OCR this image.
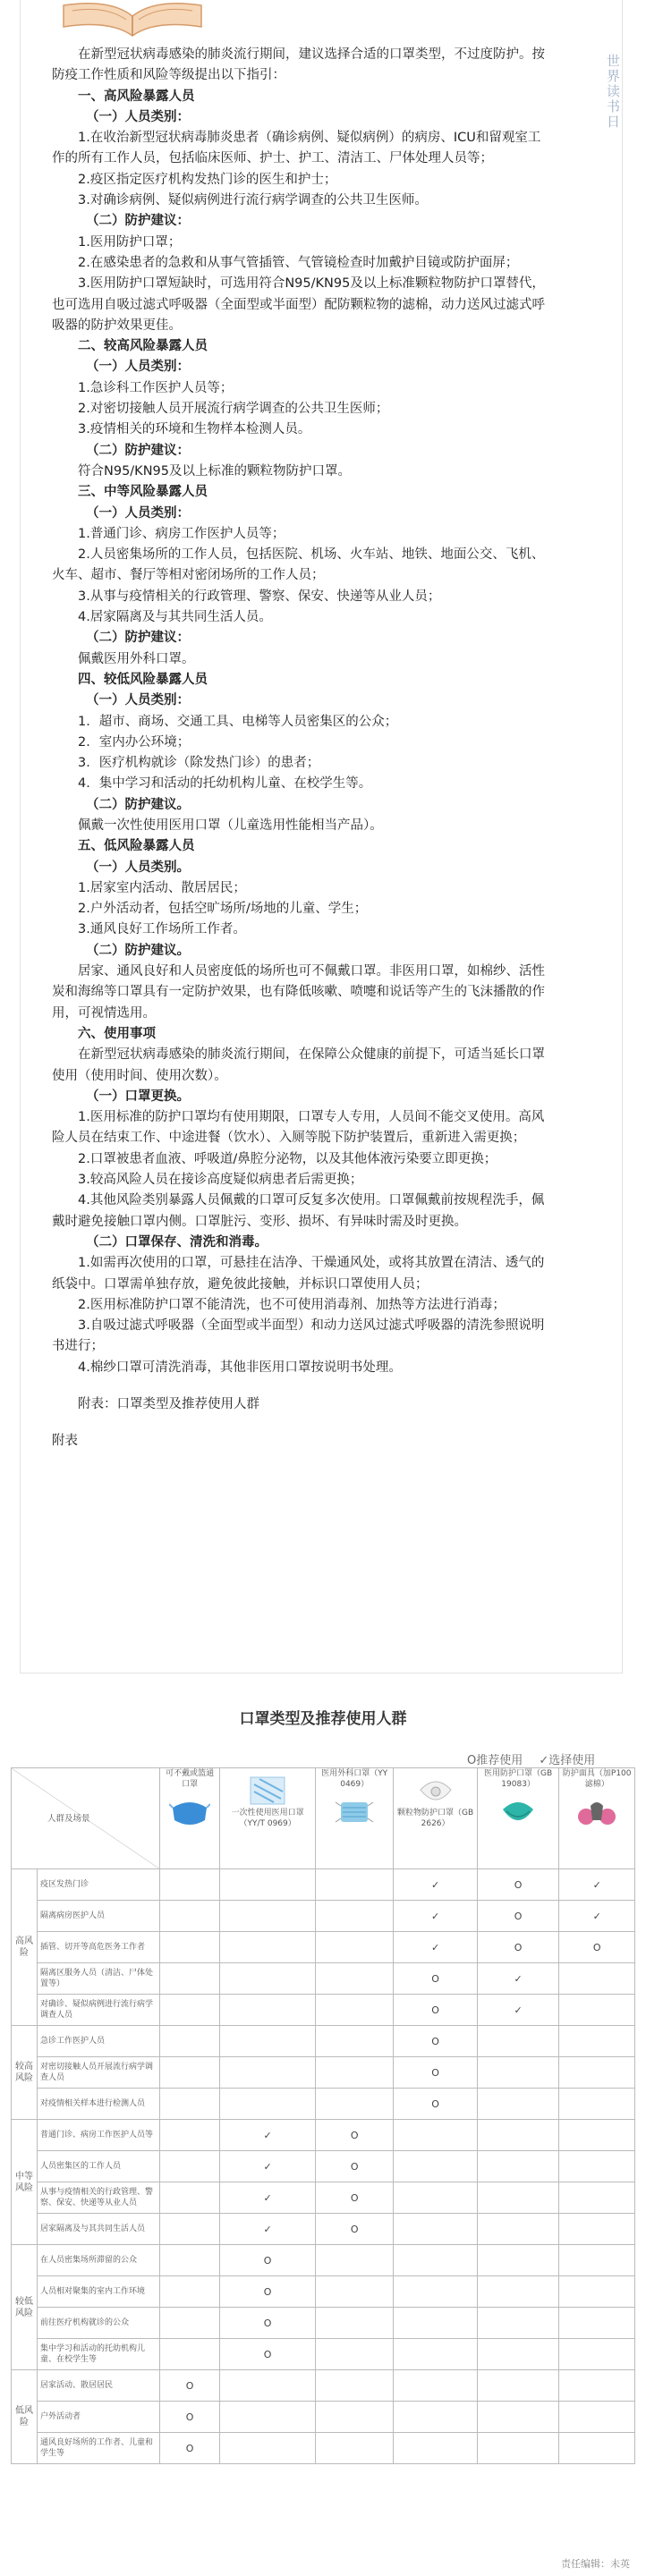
世界读书日
在新型冠状病毒感染的肺炎流行期间，建议选择合适的口罩类型，不过度防护。按防疫工作性质和风险等级提出以下指引：
一、高风险暴露人员
（一）人员类别：
1.在收治新型冠状病毒肺炎患者（确诊病例、疑似病例）的病房、ICU和留观室工作的所有工作人员，包括临床医师、护士、护工、清洁工、尸体处理人员等；
2.疫区指定医疗机构发热门诊的医生和护士；
3.对确诊病例、疑似病例进行流行病学调查的公共卫生医师。
（二）防护建议：
1.医用防护口罩；
2.在感染患者的急救和从事气管插管、气管镜检查时加戴护目镜或防护面屏；
3.医用防护口罩短缺时，可选用符合N95/KN95及以上标准颗粒物防护口罩替代，也可选用自吸过滤式呼吸器（全面型或半面型）配防颗粒物的滤棉，动力送风过滤式呼吸器的防护效果更佳。
二、较高风险暴露人员
（一）人员类别：
1.急诊科工作医护人员等；
2.对密切接触人员开展流行病学调查的公共卫生医师；
3.疫情相关的环境和生物样本检测人员。
（二）防护建议：
符合N95/KN95及以上标准的颗粒物防护口罩。
三、中等风险暴露人员
（一）人员类别：
1.普通门诊、病房工作医护人员等；
2.人员密集场所的工作人员，包括医院、机场、火车站、地铁、地面公交、飞机、火车、超市、餐厅等相对密闭场所的工作人员；
3.从事与疫情相关的行政管理、警察、保安、快递等从业人员；
4.居家隔离及与其共同生活人员。
（二）防护建议：
佩戴医用外科口罩。
四、较低风险暴露人员
（一）人员类别：
1．超市、商场、交通工具、电梯等人员密集区的公众；
2．室内办公环境；
3．医疗机构就诊（除发热门诊）的患者；
4．集中学习和活动的托幼机构儿童、在校学生等。
（二）防护建议。
佩戴一次性使用医用口罩（儿童选用性能相当产品）。
五、低风险暴露人员
（一）人员类别。
1.居家室内活动、散居居民；
2.户外活动者，包括空旷场所/场地的儿童、学生；
3.通风良好工作场所工作者。
（二）防护建议。
居家、通风良好和人员密度低的场所也可不佩戴口罩。非医用口罩，如棉纱、活性炭和海绵等口罩具有一定防护效果，也有降低咳嗽、喷嚏和说话等产生的飞沫播散的作用，可视情选用。
六、使用事项
在新型冠状病毒感染的肺炎流行期间，在保障公众健康的前提下，可适当延长口罩使用（使用时间、使用次数）。
（一）口罩更换。
1.医用标准的防护口罩均有使用期限，口罩专人专用，人员间不能交叉使用。高风险人员在结束工作、中途进餐（饮水）、入厕等脱下防护装置后，重新进入需更换；
2.口罩被患者血液、呼吸道/鼻腔分泌物，以及其他体液污染要立即更换；
3.较高风险人员在接诊高度疑似病患者后需更换；
4.其他风险类别暴露人员佩戴的口罩可反复多次使用。口罩佩戴前按规程洗手，佩戴时避免接触口罩内侧。口罩脏污、变形、损坏、有异味时需及时更换。
（二）口罩保存、清洗和消毒。
1.如需再次使用的口罩，可悬挂在洁净、干燥通风处，或将其放置在清洁、透气的纸袋中。口罩需单独存放，避免彼此接触，并标识口罩使用人员；
2.医用标准防护口罩不能清洗，也不可使用消毒剂、加热等方法进行消毒；
3.自吸过滤式呼吸器（全面型或半面型）和动力送风过滤式呼吸器的清洗参照说明书进行；
4.棉纱口罩可清洗消毒，其他非医用口罩按说明书处理。
附表：口罩类型及推荐使用人群
附表
口罩类型及推荐使用人群
O推荐使用 ✓选择使用
人群及场景		可不戴或篮通口罩	一次性使用医用口罩（YY/T 0969）	医用外科口罩（YY 0469）	颗粒物防护口罩（GB 2626）	医用防护口罩（GB 19083）	防护面具（加P100滤棉）

高风险	疫区发热门诊				✓	O	✓
	隔离病房医护人员				✓	O	✓
	插管、切开等高危医务工作者				✓	O	O
	隔离区服务人员（清洁、尸体处置等）				O	✓	
	对确诊、疑似病例进行流行病学调查人员				O	✓	
较高风险	急诊工作医护人员				O		
	对密切接触人员开展流行病学调查人员				O		
	对疫情相关样本进行检测人员				O		
中等风险	普通门诊、病房工作医护人员等		✓	O			
	人员密集区的工作人员		✓	O			
	从事与疫情相关的行政管理、警察、保安、快递等从业人员		✓	O			
	居家隔离及与其共同生活人员		✓	O			
较低风险	在人员密集场所滞留的公众		O				
	人员相对聚集的室内工作环境		O				
	前往医疗机构就诊的公众		O				
	集中学习和活动的托幼机构儿童、在校学生等		O				
低风险	居家活动、散居居民	O					
	户外活动者	O					
	通风良好场所的工作者、儿童和学生等	O					
责任编辑：未英
